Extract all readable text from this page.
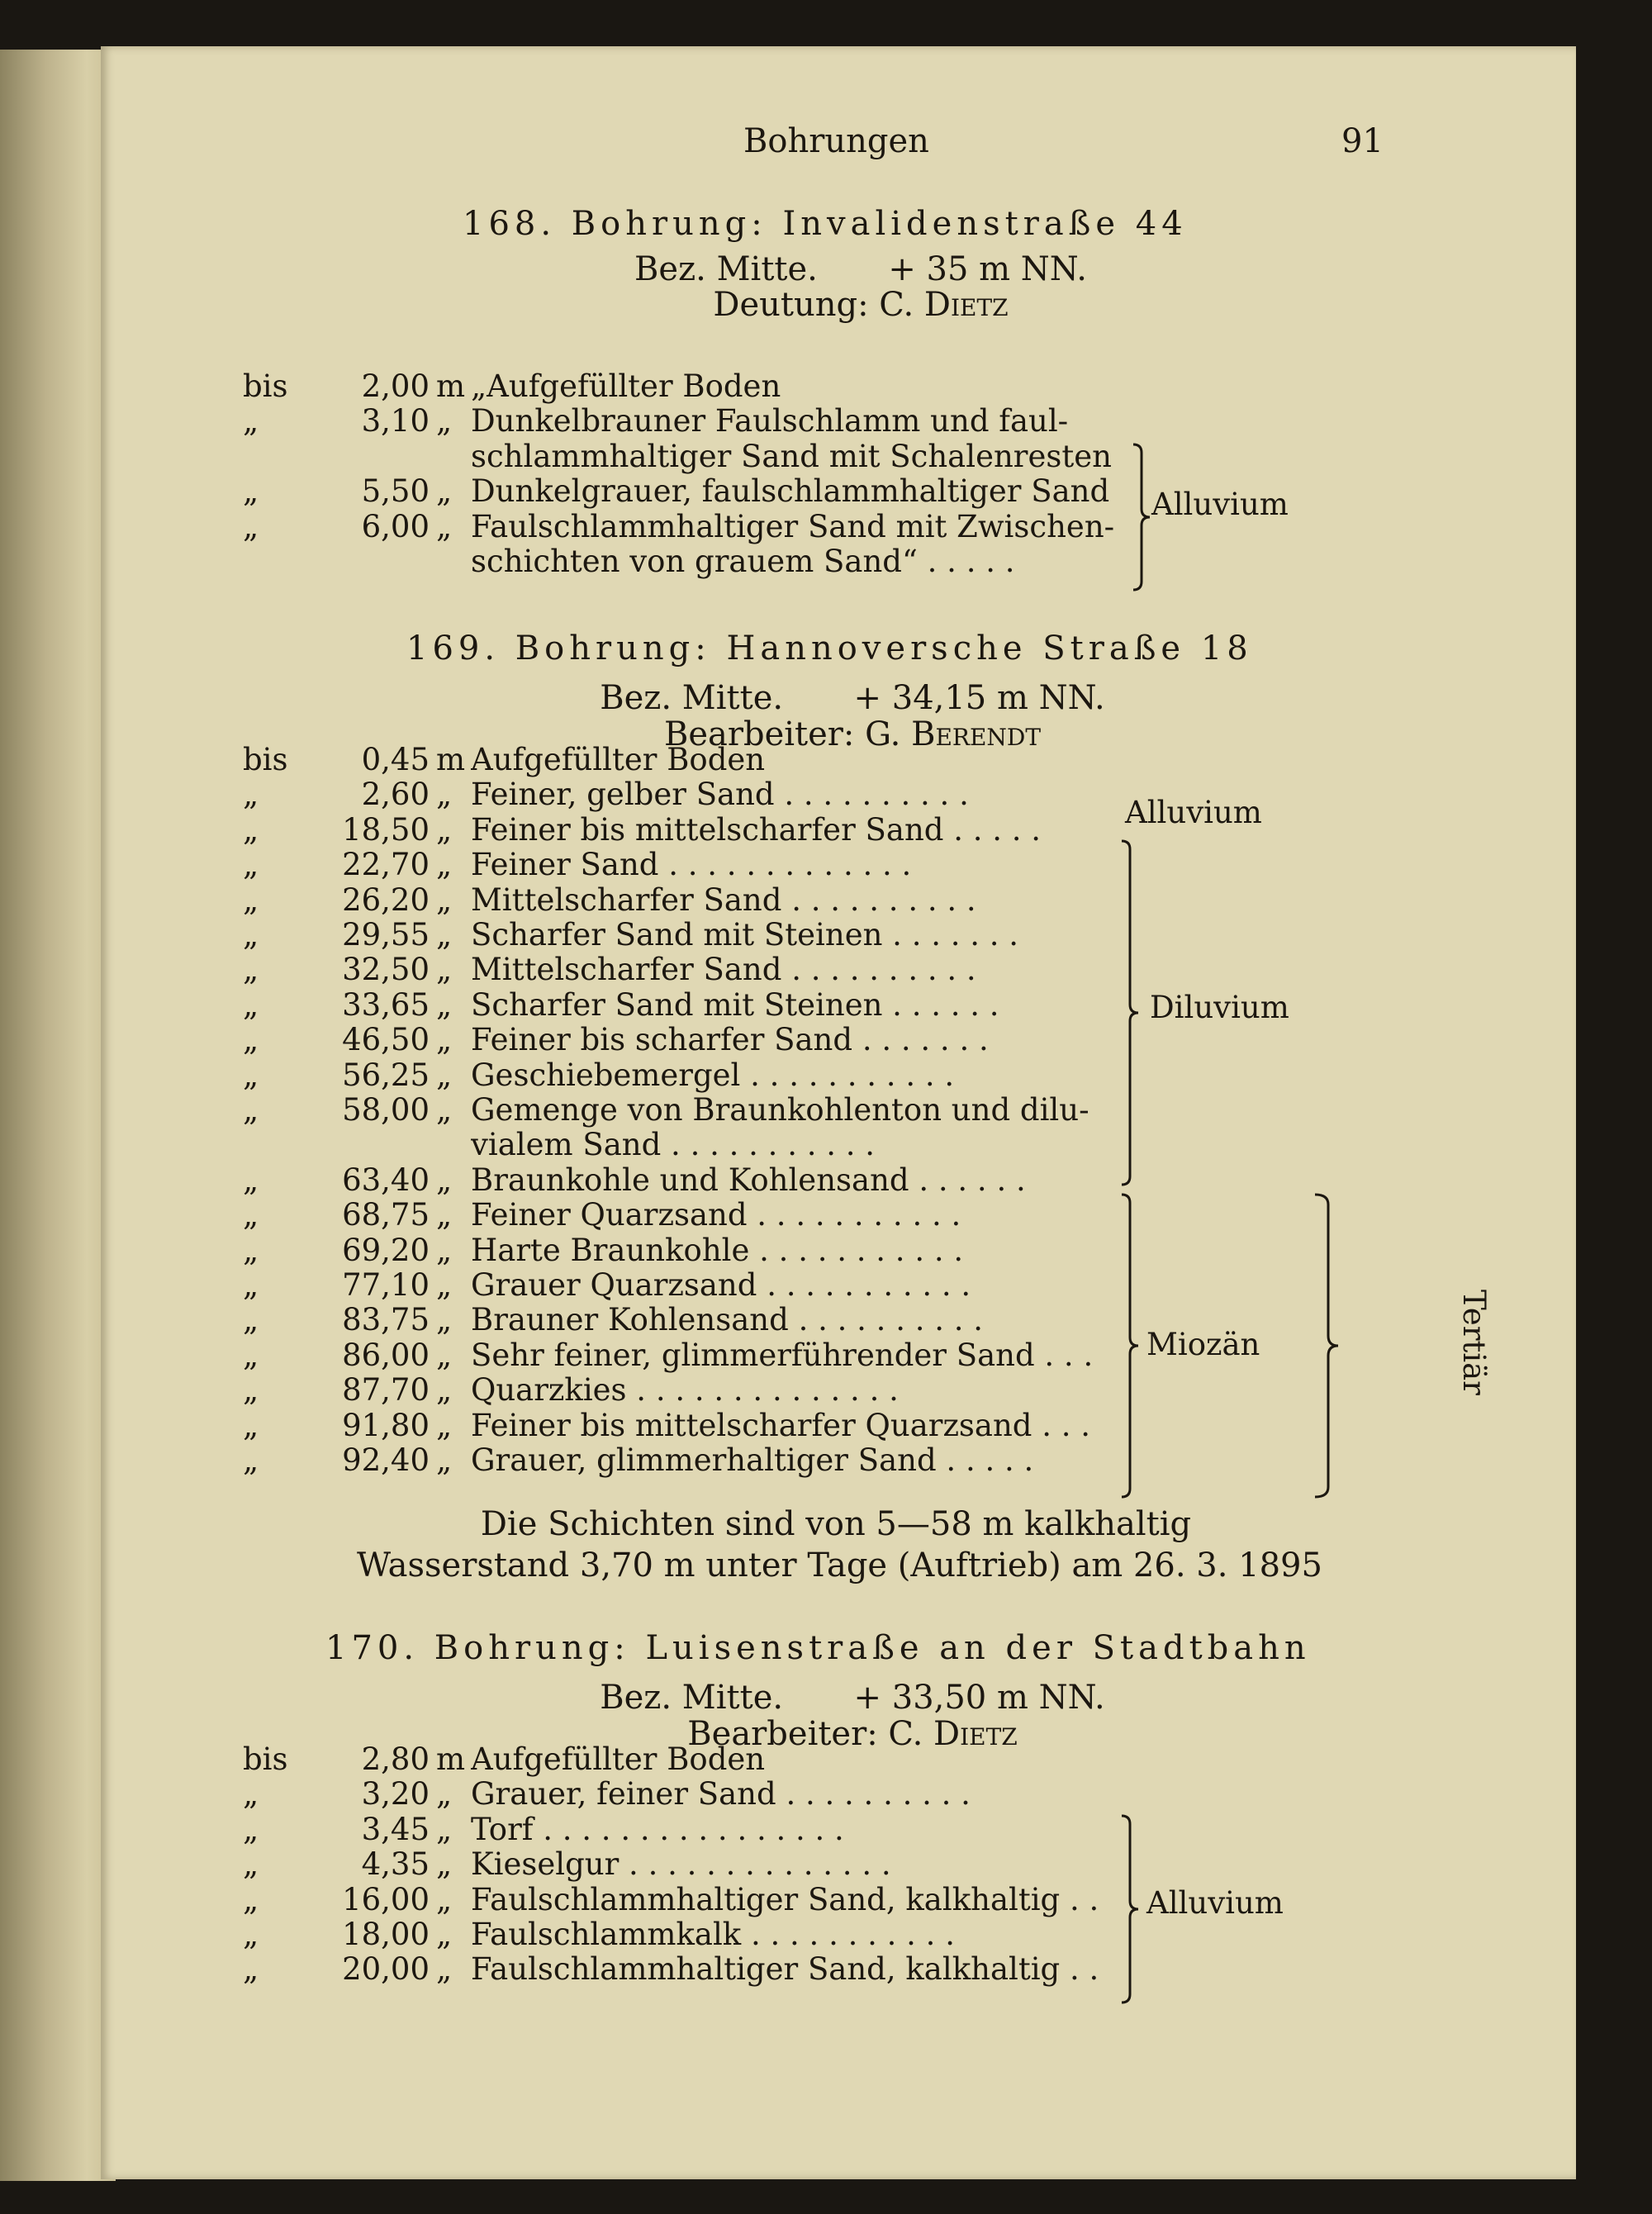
Bohrungen	91
168. Bohrung: Invalidenstraße 44
Bez. Mitte. + 35 m NN.
Deutung: C. Dietz
bis	2,00 m „Aufgefüllter Boden
„	3,10 „ Dunkelbrauner Faulschlamm und faul-
schlammhaltiger Sand mit Schalenresten
„	5,50 „ Dunkelgrauer, faulschlammhaltiger Sand
„	6,00 „ Faulschlammhaltiger Sand mit Zwischen-
schichten von grauem Sand“ . . . . .
Alluvium
169. Bohrung: Hannoversche Straße 18
Bez. Mitte. + 34,15 m NN.
Bearbeiter: G. Berendt
bis	0,45 m Aufgefüllter Boden
„	2,60 „ Feiner, gelber Sand . . . . . . . . . .
„	18,50 „ Feiner bis mittelscharfer Sand . . . . .
„	22,70 „ Feiner Sand . . . . . . . . . . . . .
„	26,20 „ Mittelscharfer Sand . . . . . . . . . .
„	29,55 „ Scharfer Sand mit Steinen . . . . . . .
„	32,50 „ Mittelscharfer Sand . . . . . . . . . .
„	33,65 „ Scharfer Sand mit Steinen . . . . . .
„	46,50 „ Feiner bis scharfer Sand . . . . . . .
„	56,25 „ Geschiebemergel . . . . . . . . . . .
„	58,00 „ Gemenge von Braunkohlenton und dilu-
vialem Sand . . . . . . . . . . .
„	63,40 „ Braunkohle und Kohlensand . . . . . .
„	68,75 „ Feiner Quarzsand . . . . . . . . . . .
„	69,20 „ Harte Braunkohle . . . . . . . . . . .
„	77,10 „ Grauer Quarzsand . . . . . . . . . . .
„	83,75 „ Brauner Kohlensand . . . . . . . . . .
„	86,00 „ Sehr feiner, glimmerführender Sand . . .
„	87,70 „ Quarzkies . . . . . . . . . . . . . .
„	91,80 „ Feiner bis mittelscharfer Quarzsand . . .
„	92,40 „ Grauer, glimmerhaltiger Sand . . . . .
Alluvium
Diluvium
Miozän	Tertiär
Die Schichten sind von 5—58 m kalkhaltig
Wasserstand 3,70 m unter Tage (Auftrieb) am 26. 3. 1895
170. Bohrung: Luisenstraße an der Stadtbahn
Bez. Mitte. + 33,50 m NN.
Bearbeiter: C. Dietz
bis	2,80 m Aufgefüllter Boden
„	3,20 „ Grauer, feiner Sand . . . . . . . . . .
„	3,45 „ Torf . . . . . . . . . . . . . . . .
„	4,35 „ Kieselgur . . . . . . . . . . . . . .
„	16,00 „ Faulschlammhaltiger Sand, kalkhaltig . .
„	18,00 „ Faulschlammkalk . . . . . . . . . . .
„	20,00 „ Faulschlammhaltiger Sand, kalkhaltig . .
Alluvium
